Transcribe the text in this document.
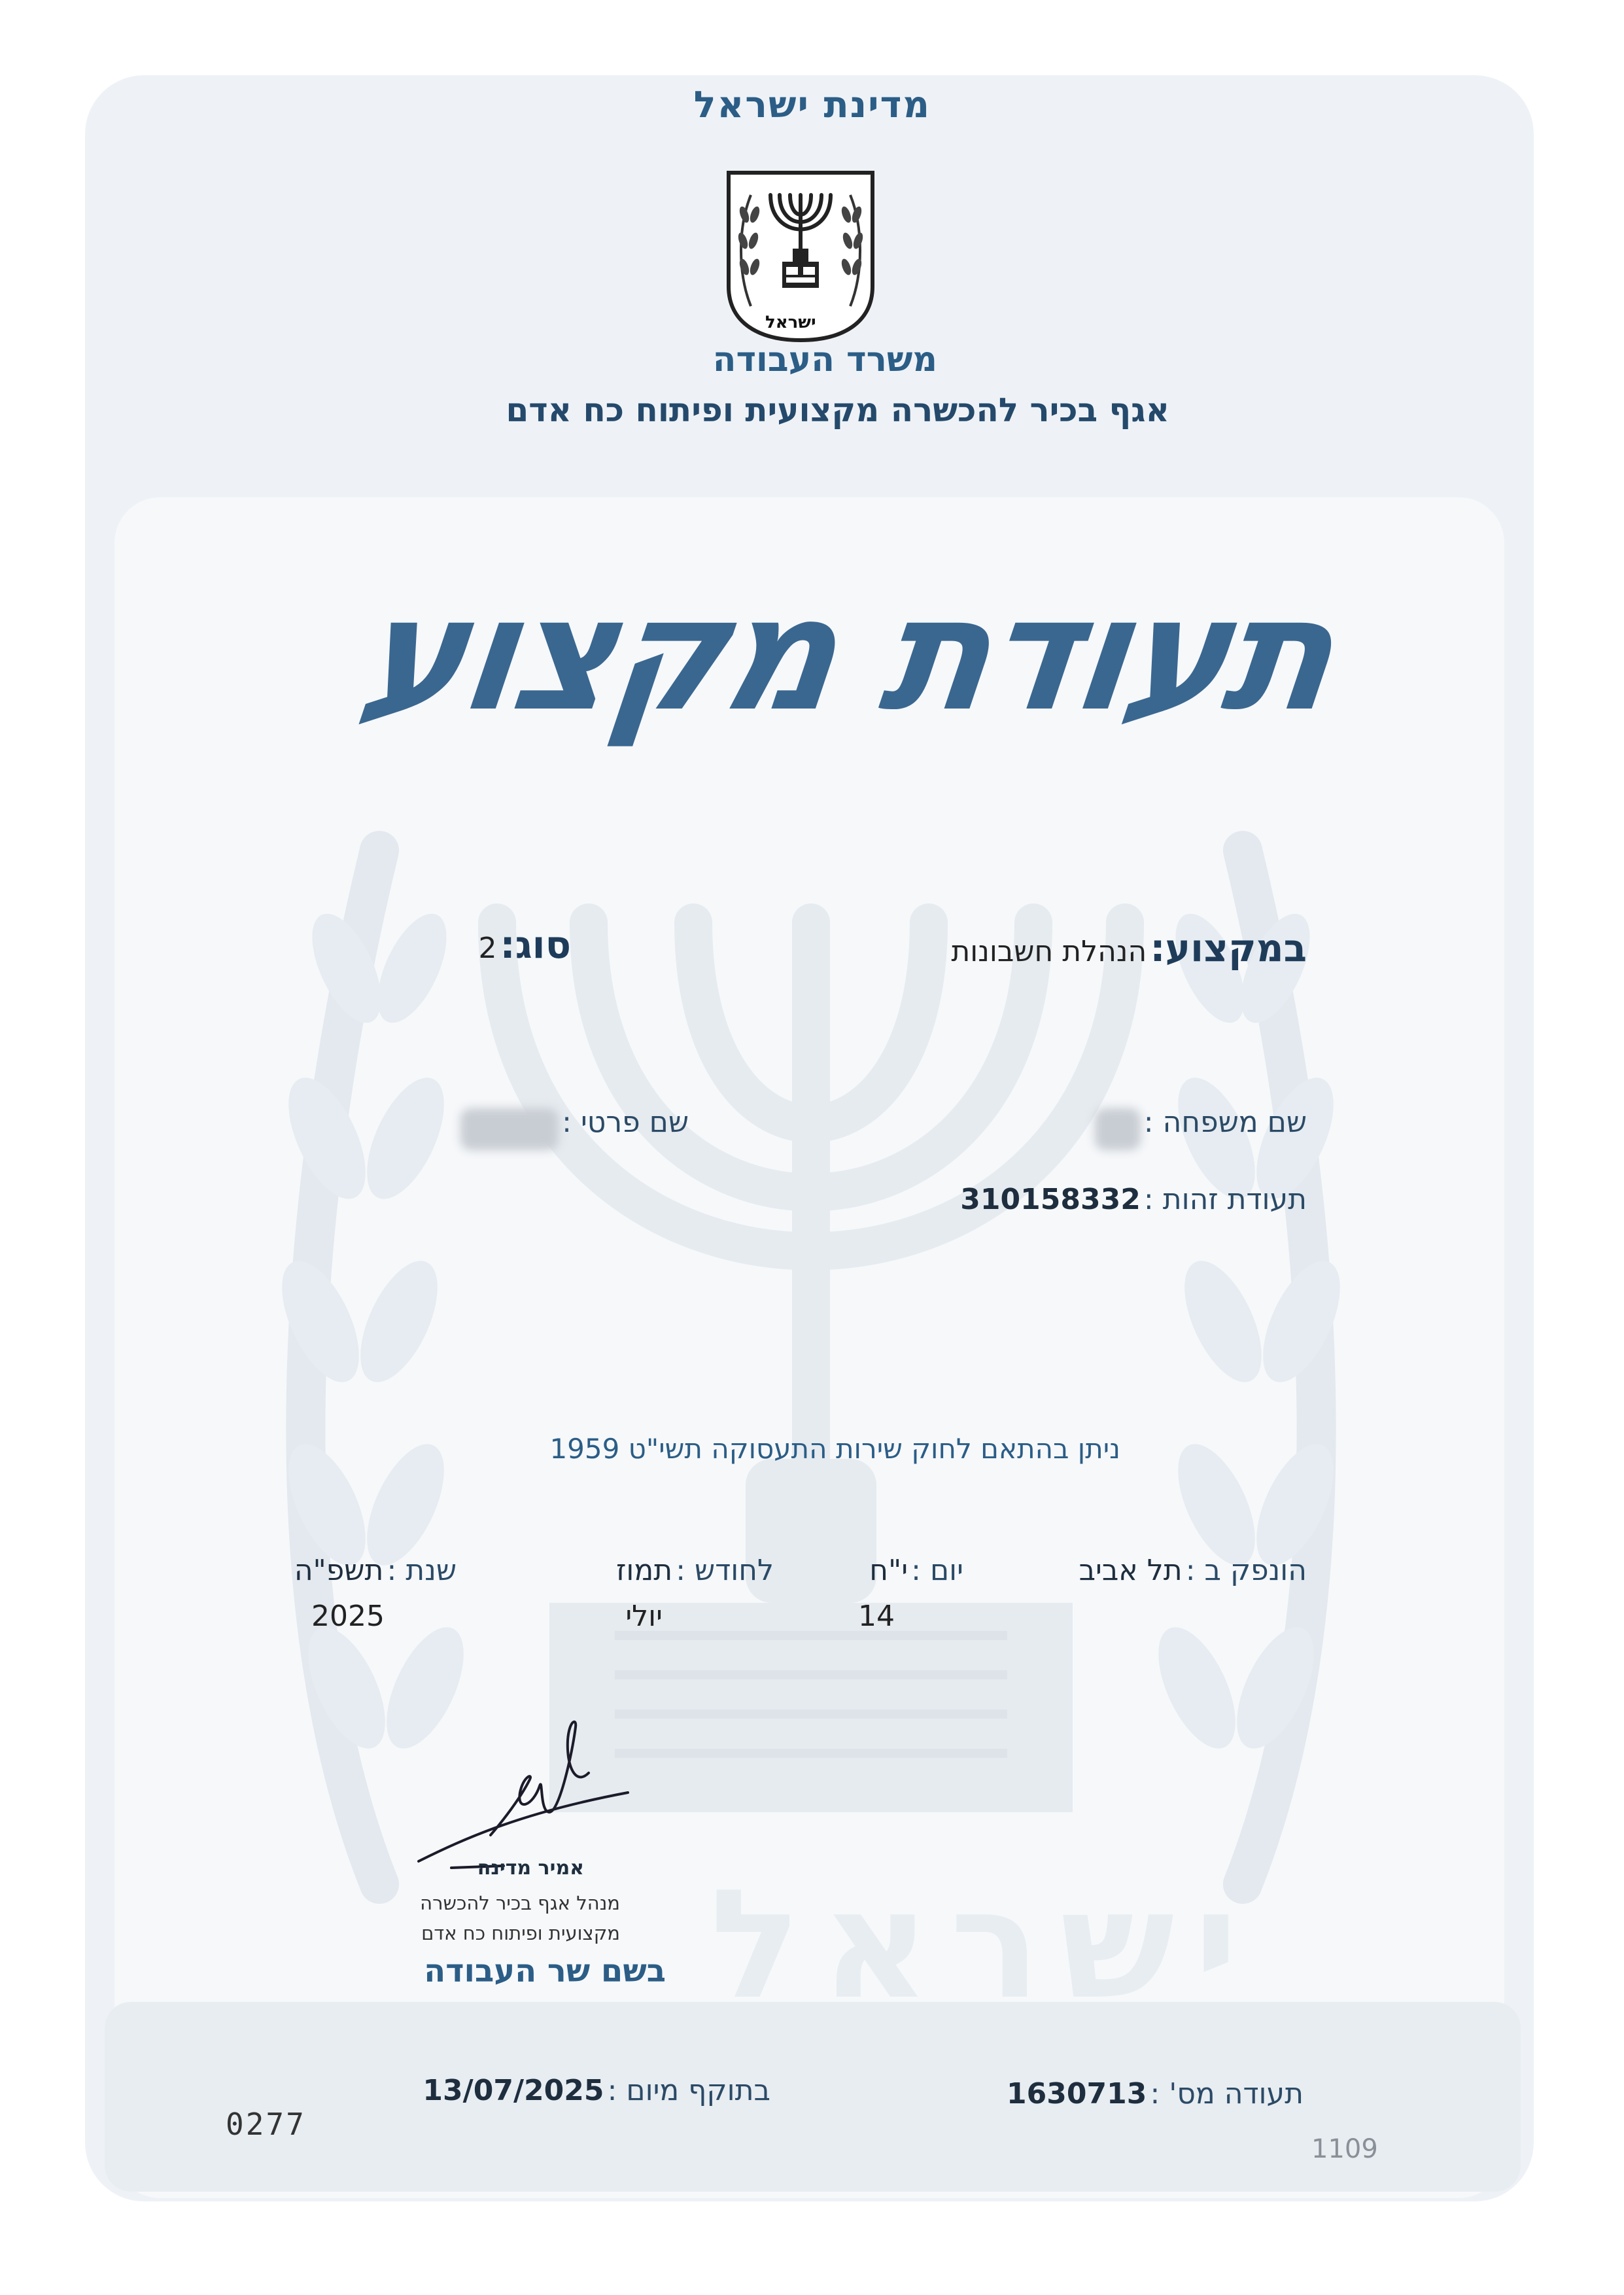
ישראל
מדינת ישראל
ישראל
משרד העבודה
אגף בכיר להכשרה מקצועית ופיתוח כח אדם
תעודת מקצוע
במקצוע: הנהלת חשבונות
סוג: 2
שם משפחה :
שם פרטי :
תעודת זהות : 310158332
ניתן בהתאם לחוק שירות התעסוקה תשי"ט 1959
הונפק ב : תל אביב
יום : י"ח
14
לחודש : תמוז
יולי
שנת : תשפ"ה
2025
אמיר מדינה
מנהל אגף בכיר להכשרה
מקצועית ופיתוח כח אדם
בשם שר העבודה
תעודה מס' : 1630713
בתוקף מיום : 13/07/2025
0277
1109
